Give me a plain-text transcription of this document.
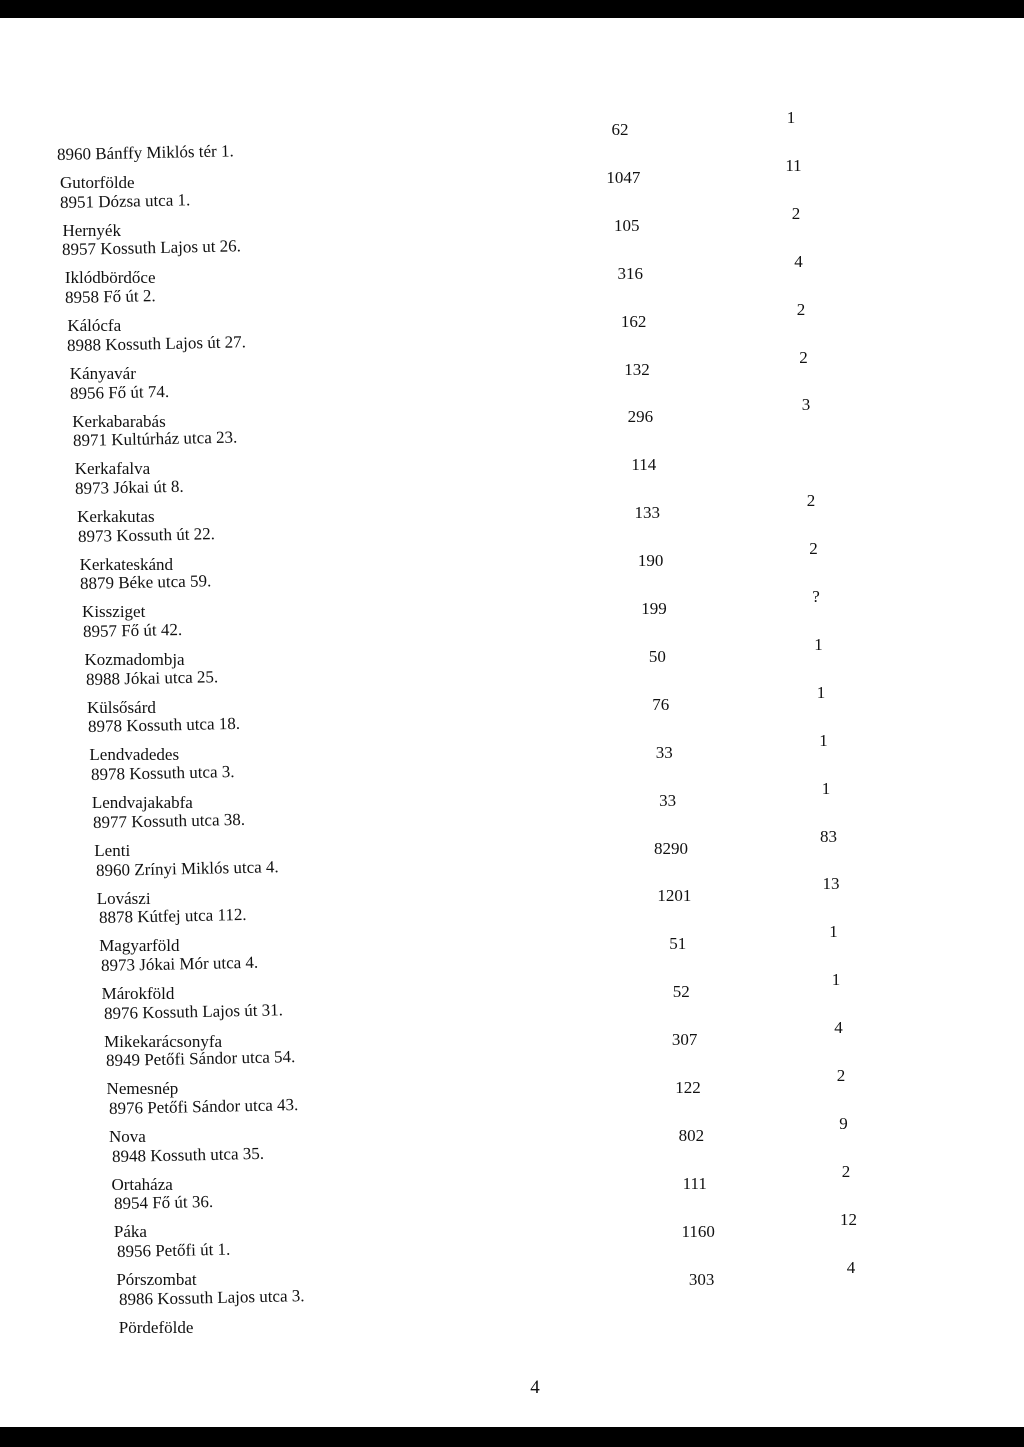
8960 Bánffy Miklós tér 1.
Gutorfölde
62
1
8951 Dózsa utca 1.
Hernyék
1047
11
8957 Kossuth Lajos ut 26.
Iklódbördőce
105
2
8958 Fő út 2.
Kálócfa
316
4
8988 Kossuth Lajos út 27.
Kányavár
162
2
8956 Fő út 74.
Kerkabarabás
132
2
8971 Kultúrház utca 23.
Kerkafalva
296
3
8973 Jókai út 8.
Kerkakutas
114
8973 Kossuth út 22.
Kerkateskánd
133
2
8879 Béke utca 59.
Kissziget
190
2
8957 Fő út 42.
Kozmadombja
199
?
8988 Jókai utca 25.
Külsősárd
50
1
8978 Kossuth utca 18.
Lendvadedes
76
1
8978 Kossuth utca 3.
Lendvajakabfa
33
1
8977 Kossuth utca 38.
Lenti
33
1
8960 Zrínyi Miklós utca 4.
Lovászi
8290
83
8878 Kútfej utca 112.
Magyarföld
1201
13
8973 Jókai Mór utca 4.
Márokföld
51
1
8976 Kossuth Lajos út 31.
Mikekarácsonyfa
52
1
8949 Petőfi Sándor utca 54.
Nemesnép
307
4
8976 Petőfi Sándor utca 43.
Nova
122
2
8948 Kossuth utca 35.
Ortaháza
802
9
8954 Fő út 36.
Páka
111
2
8956 Petőfi út 1.
Pórszombat
1160
12
8986 Kossuth Lajos utca 3.
Pördefölde
303
4
4
